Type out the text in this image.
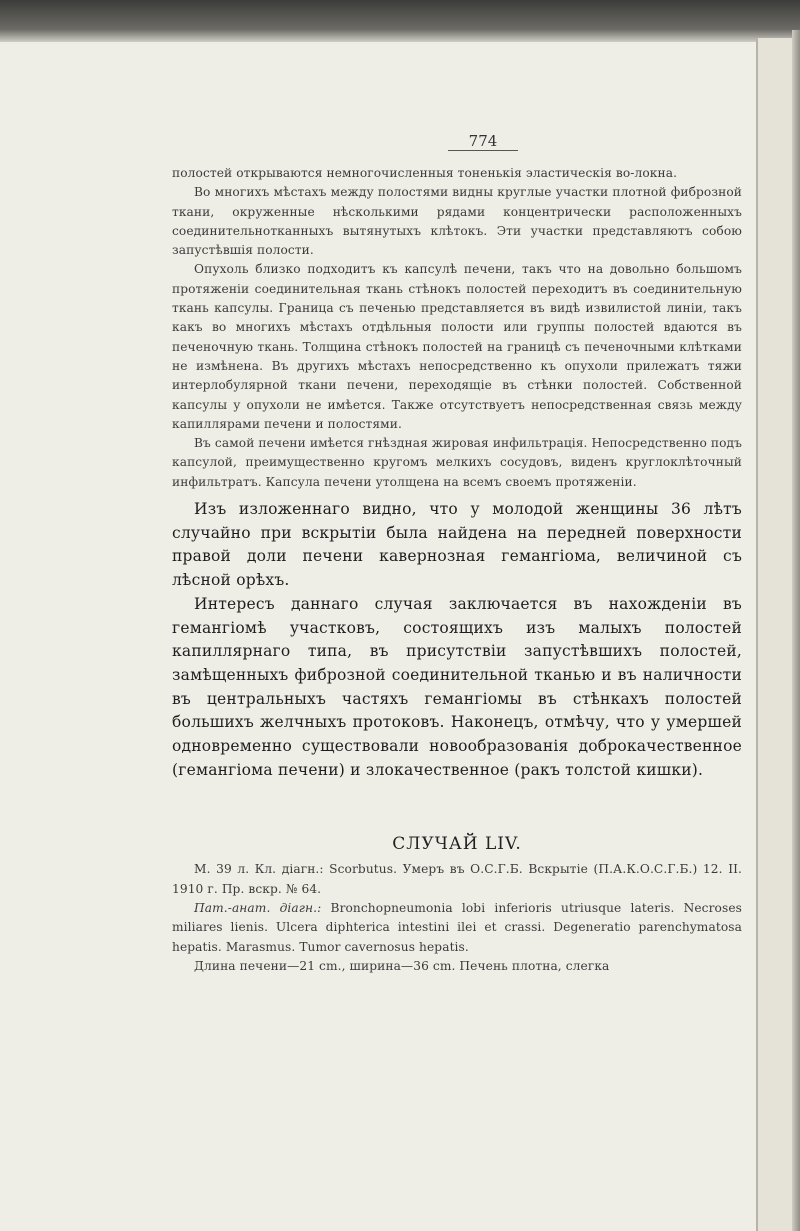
774

полостей открываются немногочисленныя тоненькія эластическія во-локна.

Во многихъ мѣстахъ между полостями видны круглые участки плотной фиброзной ткани, окруженные нѣсколькими рядами концентрически расположенныхъ соединительнотканныхъ вытянутыхъ клѣтокъ. Эти участки представляютъ собою запустѣвшія полости.

Опухоль близко подходитъ къ капсулѣ печени, такъ что на довольно большомъ протяженіи соединительная ткань стѣнокъ полостей переходитъ въ соединительную ткань капсулы. Граница съ печенью представляется въ видѣ извилистой линіи, такъ какъ во многихъ мѣстахъ отдѣльныя полости или группы полостей вдаются въ печеночную ткань. Толщина стѣнокъ полостей на границѣ съ печеночными клѣтками не измѣнена. Въ другихъ мѣстахъ непосредственно къ опухоли прилежатъ тяжи интерлобулярной ткани печени, переходящіе въ стѣнки полостей. Собственной капсулы у опухоли не имѣется. Также отсутствуетъ непосредственная связь между капиллярами печени и полостями.

Въ самой печени имѣется гнѣздная жировая инфильтрація. Непосредственно подъ капсулой, преимущественно кругомъ мелкихъ сосудовъ, виденъ круглоклѣточный инфильтратъ. Капсула печени утолщена на всемъ своемъ протяженіи.

Изъ изложеннаго видно, что у молодой женщины 36 лѣтъ случайно при вскрытіи была найдена на передней поверхности правой доли печени кавернозная гемангіома, величиной съ лѣсной орѣхъ.

Интересъ даннаго случая заключается въ нахожденіи въ гемангіомѣ участковъ, состоящихъ изъ малыхъ полостей капиллярнаго типа, въ присутствіи запустѣвшихъ полостей, замѣщенныхъ фиброзной соединительной тканью и въ наличности въ центральныхъ частяхъ гемангіомы въ стѣнкахъ полостей большихъ желчныхъ протоковъ. Наконецъ, отмѣчу, что у умершей одновременно существовали новообразованія доброкачественное (гемангіома печени) и злокачественное (ракъ толстой кишки).

СЛУЧАЙ LIV.

М. 39 л. Кл. діагн.: Scorbutus. Умеръ въ О.С.Г.Б. Вскрытіе (П.А.К.О.С.Г.Б.) 12. II. 1910 г. Пр. вскр. № 64.

Пат.-анат. діагн.: Bronchopneumonia lobi inferioris utriusque lateris. Necroses miliares lienis. Ulcera diphterica intestini ilei et crassi. Degeneratio parenchymatosa hepatis. Marasmus. Tumor cavernosus hepatis.

Длина печени—21 cm., ширина—36 cm. Печень плотна, слегка
